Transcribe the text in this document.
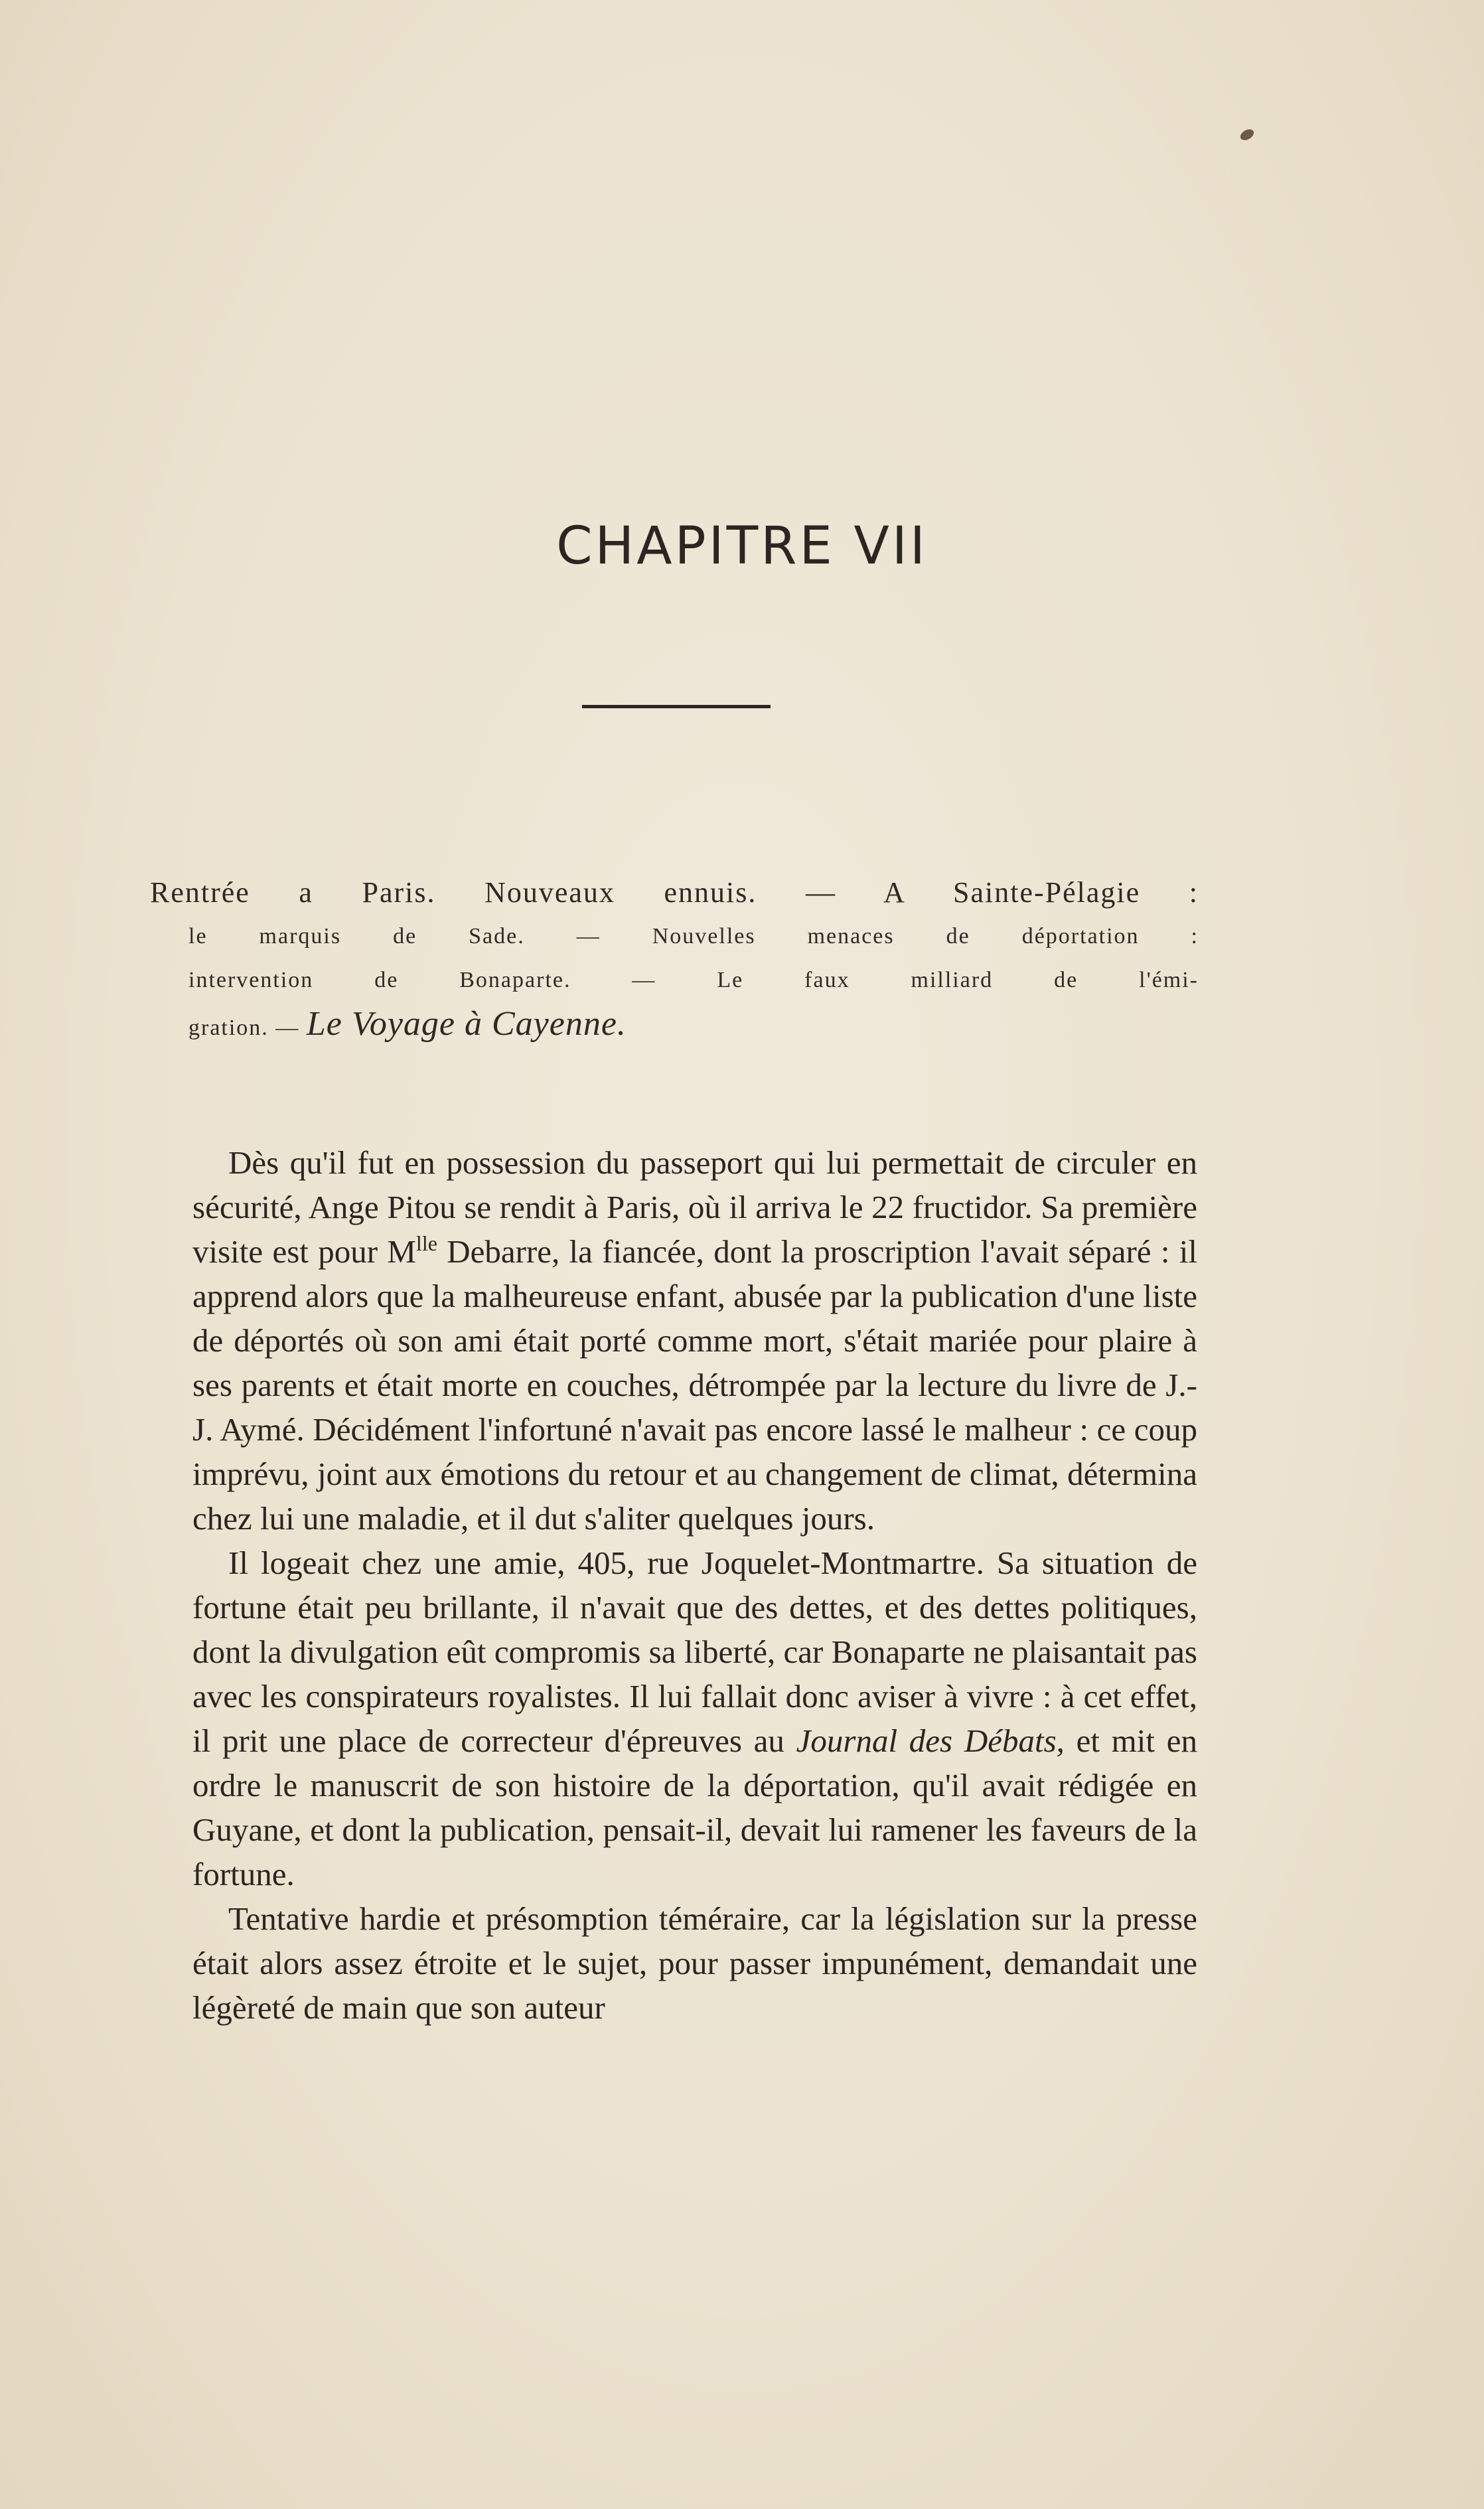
CHAPITRE VII
Rentrée a Paris. Nouveaux ennuis. — A Sainte-Pélagie :
le marquis de Sade. — Nouvelles menaces de déportation :
intervention de Bonaparte. — Le faux milliard de l'émi-
gration. — Le Voyage à Cayenne.

Dès qu'il fut en possession du passeport qui lui permettait de circuler en sécurité, Ange Pitou se rendit à Paris, où il arriva le 22 fructidor. Sa première visite est pour $M^{lle}$ Debarre, la fiancée, dont la proscription l'avait séparé : il apprend alors que la malheureuse enfant, abusée par la publication d'une liste de déportés où son ami était porté comme mort, s'était mariée pour plaire à ses parents et était morte en couches, détrompée par la lecture du livre de J.-J. Aymé. Décidément l'infortuné n'avait pas encore lassé le malheur : ce coup imprévu, joint aux émotions du retour et au changement de climat, détermina chez lui une maladie, et il dut s'aliter quelques jours.

Il logeait chez une amie, 405, rue Joquelet-Montmartre. Sa situation de fortune était peu brillante, il n'avait que des dettes, et des dettes politiques, dont la divulgation eût compromis sa liberté, car Bonaparte ne plaisantait pas avec les conspirateurs royalistes. Il lui fallait donc aviser à vivre : à cet effet, il prit une place de correcteur d'épreuves au Journal des Débats, et mit en ordre le manuscrit de son histoire de la déportation, qu'il avait rédigée en Guyane, et dont la publication, pensait-il, devait lui ramener les faveurs de la fortune.

Tentative hardie et présomption téméraire, car la législation sur la presse était alors assez étroite et le sujet, pour passer impunément, demandait une légèreté de main que son auteur
